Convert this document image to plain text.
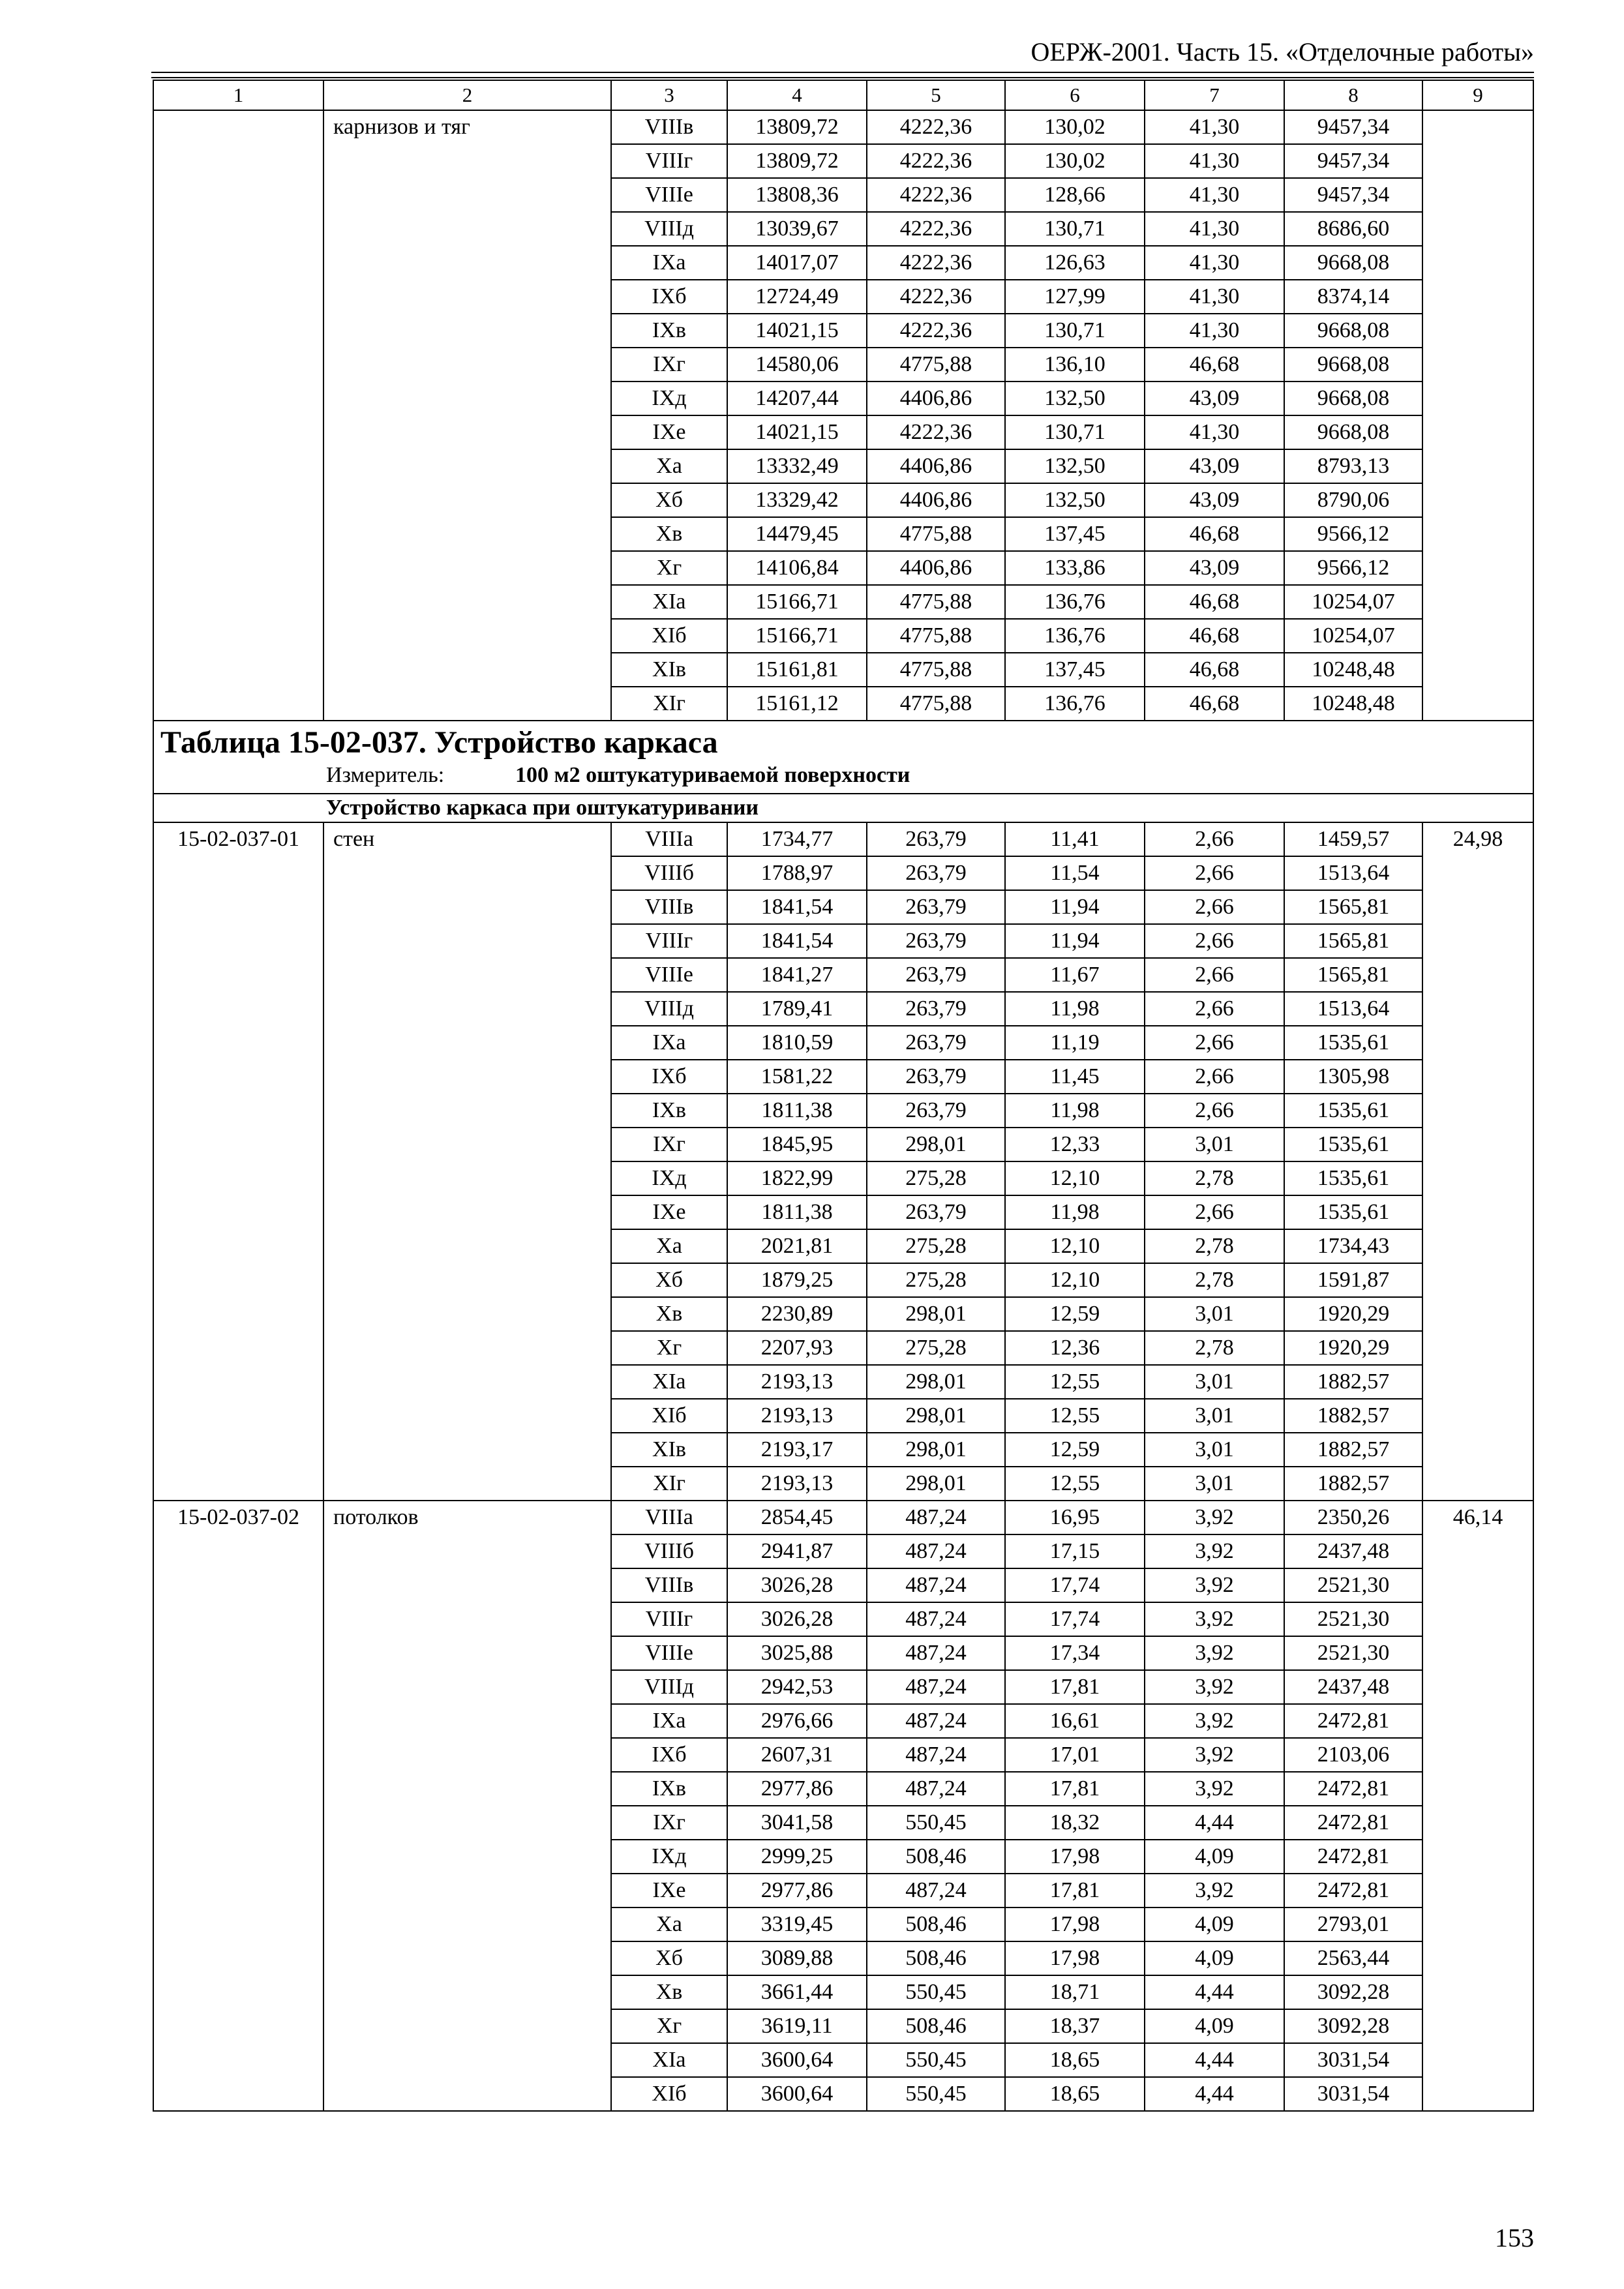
ОЕРЖ-2001. Часть 15. «Отделочные работы»
1	2	3	4	5	6	7	8	9
	карнизов и тяг	VIIIв	13809,72	4222,36	130,02	41,30	9457,34	
		VIIIг	13809,72	4222,36	130,02	41,30	9457,34	
		VIIIе	13808,36	4222,36	128,66	41,30	9457,34	
		VIIIд	13039,67	4222,36	130,71	41,30	8686,60	
		IXа	14017,07	4222,36	126,63	41,30	9668,08	
		IXб	12724,49	4222,36	127,99	41,30	8374,14	
		IXв	14021,15	4222,36	130,71	41,30	9668,08	
		IXг	14580,06	4775,88	136,10	46,68	9668,08	
		IXд	14207,44	4406,86	132,50	43,09	9668,08	
		IXе	14021,15	4222,36	130,71	41,30	9668,08	
		Xа	13332,49	4406,86	132,50	43,09	8793,13	
		Xб	13329,42	4406,86	132,50	43,09	8790,06	
		Xв	14479,45	4775,88	137,45	46,68	9566,12	
		Xг	14106,84	4406,86	133,86	43,09	9566,12	
		XIа	15166,71	4775,88	136,76	46,68	10254,07	
		XIб	15166,71	4775,88	136,76	46,68	10254,07	
		XIв	15161,81	4775,88	137,45	46,68	10248,48	
		XIг	15161,12	4775,88	136,76	46,68	10248,48	

Таблица 15-02-037. Устройство каркаса
Измеритель: 100 м2 оштукатуриваемой поверхности								

Устройство каркаса при оштукатуривании								
15-02-037-01	стен	VIIIа	1734,77	263,79	11,41	2,66	1459,57	24,98
		VIIIб	1788,97	263,79	11,54	2,66	1513,64	
		VIIIв	1841,54	263,79	11,94	2,66	1565,81	
		VIIIг	1841,54	263,79	11,94	2,66	1565,81	
		VIIIе	1841,27	263,79	11,67	2,66	1565,81	
		VIIIд	1789,41	263,79	11,98	2,66	1513,64	
		IXа	1810,59	263,79	11,19	2,66	1535,61	
		IXб	1581,22	263,79	11,45	2,66	1305,98	
		IXв	1811,38	263,79	11,98	2,66	1535,61	
		IXг	1845,95	298,01	12,33	3,01	1535,61	
		IXд	1822,99	275,28	12,10	2,78	1535,61	
		IXе	1811,38	263,79	11,98	2,66	1535,61	
		Xа	2021,81	275,28	12,10	2,78	1734,43	
		Xб	1879,25	275,28	12,10	2,78	1591,87	
		Xв	2230,89	298,01	12,59	3,01	1920,29	
		Xг	2207,93	275,28	12,36	2,78	1920,29	
		XIа	2193,13	298,01	12,55	3,01	1882,57	
		XIб	2193,13	298,01	12,55	3,01	1882,57	
		XIв	2193,17	298,01	12,59	3,01	1882,57	
		XIг	2193,13	298,01	12,55	3,01	1882,57	
15-02-037-02	потолков	VIIIа	2854,45	487,24	16,95	3,92	2350,26	46,14
		VIIIб	2941,87	487,24	17,15	3,92	2437,48	
		VIIIв	3026,28	487,24	17,74	3,92	2521,30	
		VIIIг	3026,28	487,24	17,74	3,92	2521,30	
		VIIIе	3025,88	487,24	17,34	3,92	2521,30	
		VIIIд	2942,53	487,24	17,81	3,92	2437,48	
		IXа	2976,66	487,24	16,61	3,92	2472,81	
		IXб	2607,31	487,24	17,01	3,92	2103,06	
		IXв	2977,86	487,24	17,81	3,92	2472,81	
		IXг	3041,58	550,45	18,32	4,44	2472,81	
		IXд	2999,25	508,46	17,98	4,09	2472,81	
		IXе	2977,86	487,24	17,81	3,92	2472,81	
		Xа	3319,45	508,46	17,98	4,09	2793,01	
		Xб	3089,88	508,46	17,98	4,09	2563,44	
		Xв	3661,44	550,45	18,71	4,44	3092,28	
		Xг	3619,11	508,46	18,37	4,09	3092,28	
		XIа	3600,64	550,45	18,65	4,44	3031,54	
		XIб	3600,64	550,45	18,65	4,44	3031,54	
153
